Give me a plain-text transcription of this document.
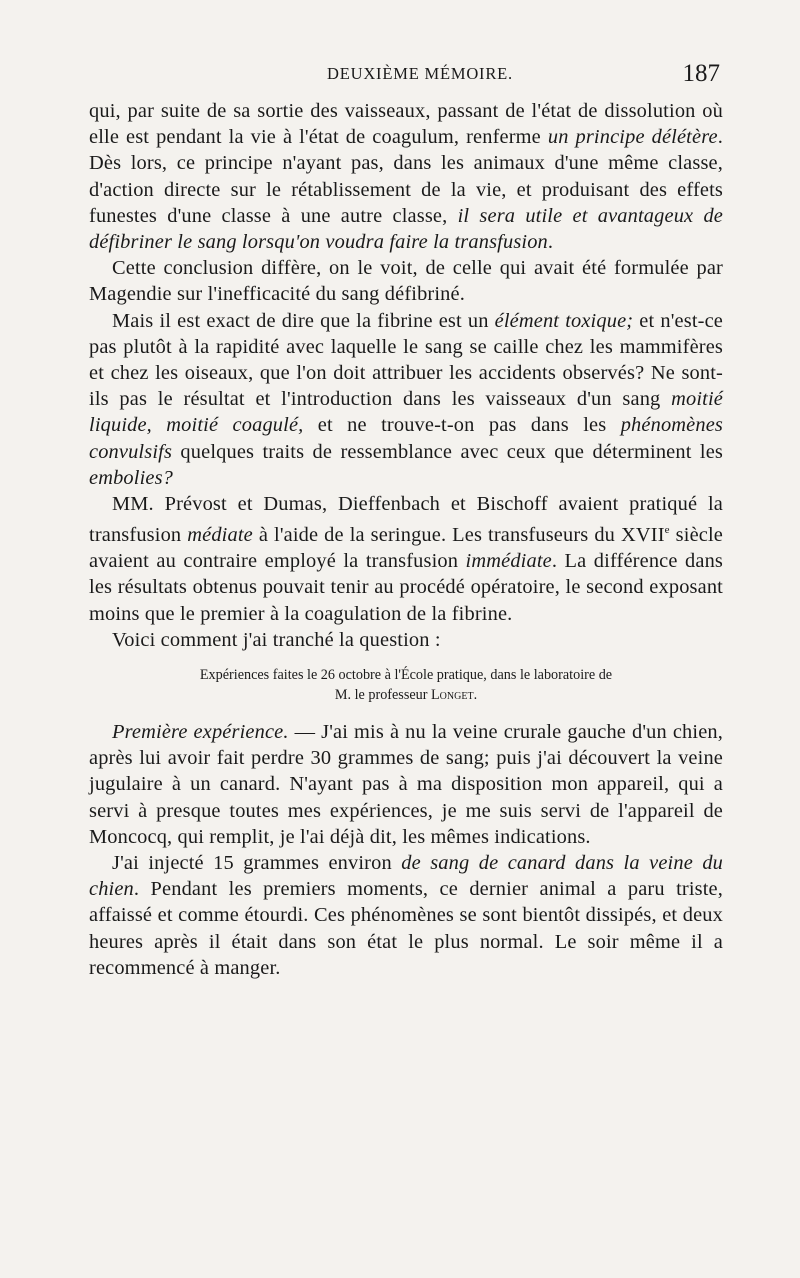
DEUXIÈME MÉMOIRE.	187

qui, par suite de sa sortie des vaisseaux, passant de l'état de dissolution où elle est pendant la vie à l'état de coagulum, renferme un principe délétère. Dès lors, ce principe n'ayant pas, dans les animaux d'une même classe, d'action directe sur le rétablissement de la vie, et produisant des effets funestes d'une classe à une autre classe, il sera utile et avantageux de défibriner le sang lorsqu'on voudra faire la transfusion.

Cette conclusion diffère, on le voit, de celle qui avait été formulée par Magendie sur l'inefficacité du sang défibriné.

Mais il est exact de dire que la fibrine est un élément toxique; et n'est-ce pas plutôt à la rapidité avec laquelle le sang se caille chez les mammifères et chez les oiseaux, que l'on doit attribuer les accidents observés? Ne sont-ils pas le résultat et l'introduction dans les vaisseaux d'un sang moitié liquide, moitié coagulé, et ne trouve-t-on pas dans les phénomènes convulsifs quelques traits de ressemblance avec ceux que déterminent les embolies?

MM. Prévost et Dumas, Dieffenbach et Bischoff avaient pratiqué la transfusion médiate à l'aide de la seringue. Les transfuseurs du XVIIe siècle avaient au contraire employé la transfusion immédiate. La différence dans les résultats obtenus pouvait tenir au procédé opératoire, le second exposant moins que le premier à la coagulation de la fibrine.

Voici comment j'ai tranché la question :

Expériences faites le 26 octobre à l'École pratique, dans le laboratoire de
M. le professeur Longet.

Première expérience. — J'ai mis à nu la veine crurale gauche d'un chien, après lui avoir fait perdre 30 grammes de sang; puis j'ai découvert la veine jugulaire à un canard. N'ayant pas à ma disposition mon appareil, qui a servi à presque toutes mes expériences, je me suis servi de l'appareil de Moncocq, qui remplit, je l'ai déjà dit, les mêmes indications.

J'ai injecté 15 grammes environ de sang de canard dans la veine du chien. Pendant les premiers moments, ce dernier animal a paru triste, affaissé et comme étourdi. Ces phénomènes se sont bientôt dissipés, et deux heures après il était dans son état le plus normal. Le soir même il a recommencé à manger.
